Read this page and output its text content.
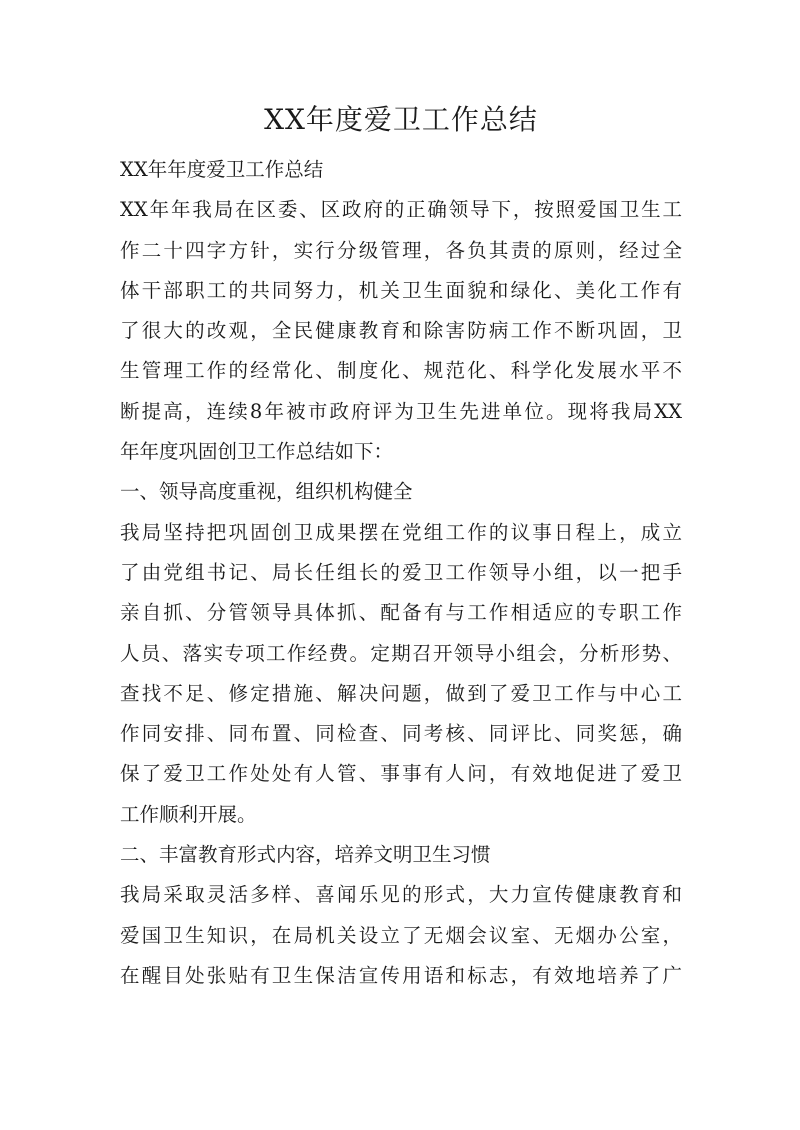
XX年度爱卫工作总结
XX年年度爱卫工作总结
XX年年我局在区委、区政府的正确领导下，按照爱国卫生工
作二十四字方针，实行分级管理，各负其责的原则，经过全
体干部职工的共同努力，机关卫生面貌和绿化、美化工作有
了很大的改观，全民健康教育和除害防病工作不断巩固，卫
生管理工作的经常化、制度化、规范化、科学化发展水平不
断提高，连续8年被市政府评为卫生先进单位。现将我局XX
年年度巩固创卫工作总结如下：
一、领导高度重视，组织机构健全
我局坚持把巩固创卫成果摆在党组工作的议事日程上，成立
了由党组书记、局长任组长的爱卫工作领导小组，以一把手
亲自抓、分管领导具体抓、配备有与工作相适应的专职工作
人员、落实专项工作经费。定期召开领导小组会，分析形势、
查找不足、修定措施、解决问题，做到了爱卫工作与中心工
作同安排、同布置、同检查、同考核、同评比、同奖惩，确
保了爱卫工作处处有人管、事事有人问，有效地促进了爱卫
工作顺利开展。
二、丰富教育形式内容，培养文明卫生习惯
我局采取灵活多样、喜闻乐见的形式，大力宣传健康教育和
爱国卫生知识，在局机关设立了无烟会议室、无烟办公室，
在醒目处张贴有卫生保洁宣传用语和标志，有效地培养了广
